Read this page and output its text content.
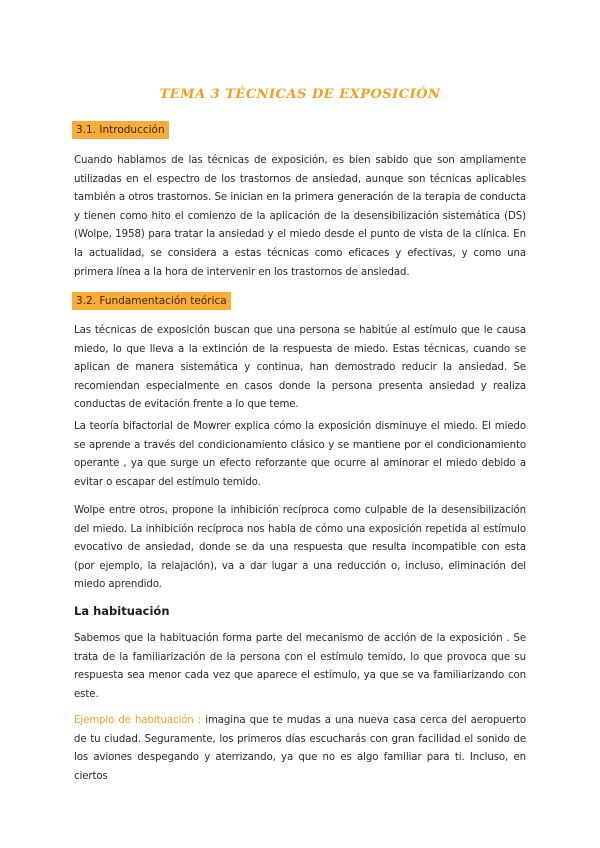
TEMA 3 TÉCNICAS DE EXPOSICIÓN
3.1. Introducción
Cuando hablamos de las técnicas de exposición, es bien sabido que son ampliamente utilizadas en el espectro de los trastornos de ansiedad, aunque son técnicas aplicables también a otros trastornos. Se inician en la primera generación de la terapia de conducta y tienen como hito el comienzo de la aplicación de la desensibilización sistemática (DS) (Wolpe, 1958) para tratar la ansiedad y el miedo desde el punto de vista de la clínica. En la actualidad, se considera a estas técnicas como eficaces y efectivas, y como una primera línea a la hora de intervenir en los trastornos de ansiedad.
3.2. Fundamentación teórica
Las técnicas de exposición buscan que una persona se habitúe al estímulo que le causa miedo, lo que lleva a la extinción de la respuesta de miedo. Estas técnicas, cuando se aplican de manera sistemática y continua, han demostrado reducir la ansiedad. Se recomiendan especialmente en casos donde la persona presenta ansiedad y realiza conductas de evitación frente a lo que teme.
La teoría bifactorial de Mowrer explica cómo la exposición disminuye el miedo. El miedo se aprende a través del condicionamiento clásico y se mantiene por el condicionamiento operante , ya que surge un efecto reforzante que ocurre al aminorar el miedo debido a evitar o escapar del estímulo temido.
Wolpe entre otros, propone la inhibición recíproca como culpable de la desensibilización del miedo. La inhibición recíproca nos habla de cómo una exposición repetida al estímulo evocativo de ansiedad, donde se da una respuesta que resulta incompatible con esta (por ejemplo, la relajación), va a dar lugar a una reducción o, incluso, eliminación del miedo aprendido.
La habituación
Sabemos que la habituación forma parte del mecanismo de acción de la exposición . Se trata de la familiarización de la persona con el estímulo temido, lo que provoca que su respuesta sea menor cada vez que aparece el estímulo, ya que se va familiarizando con este.
Ejemplo de habituación : imagina que te mudas a una nueva casa cerca del aeropuerto de tu ciudad. Seguramente, los primeros días escucharás con gran facilidad el sonido de los aviones despegando y aterrizando, ya que no es algo familiar para ti. Incluso, en ciertos
